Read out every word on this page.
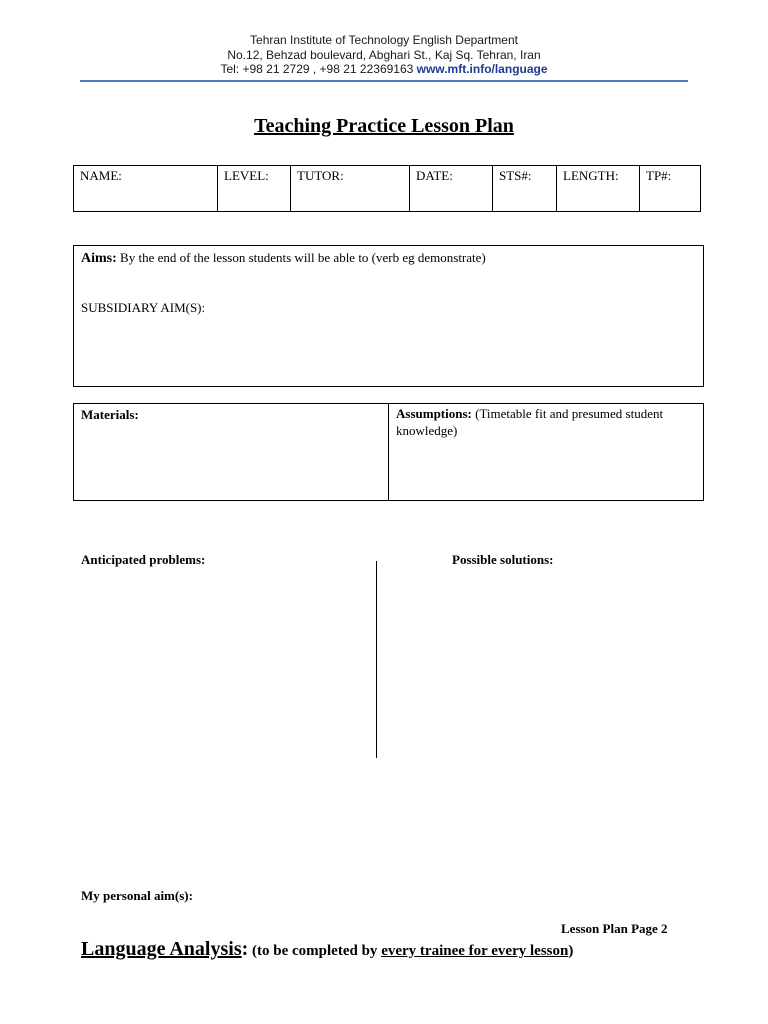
Tehran Institute of Technology English Department
No.12, Behzad boulevard, Abghari St., Kaj Sq. Tehran, Iran
Tel: +98 21 2729 , +98 21 22369163 www.mft.info/language
Teaching Practice Lesson Plan
NAME:	LEVEL:	TUTOR:	DATE:	STS#:	LENGTH:	TP#:
Aims: By the end of the lesson students will be able to (verb eg demonstrate)
SUBSIDIARY AIM(S):
Materials:	Assumptions: (Timetable fit and presumed student knowledge)
Anticipated problems:	Possible solutions:
My personal aim(s):
Lesson Plan Page 2
Language Analysis: (to be completed by every trainee for every lesson)
